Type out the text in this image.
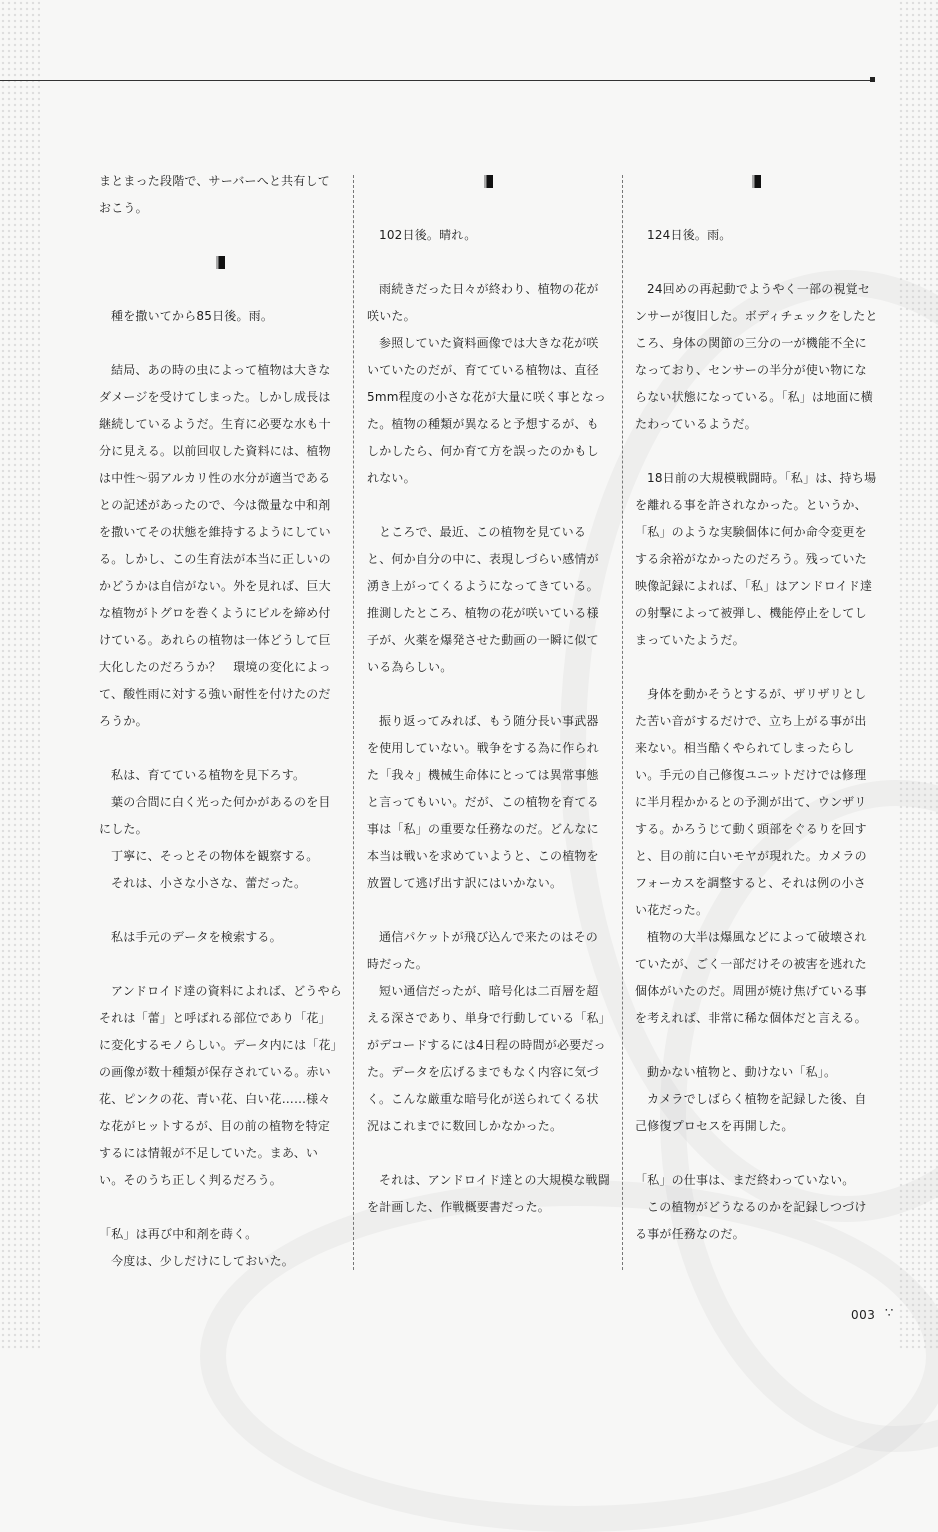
まとまった段階で、サーバーへと共有しておこう。

種を撒いてから85日後。雨。

結局、あの時の虫によって植物は大きなダメージを受けてしまった。しかし成長は継続しているようだ。生育に必要な水も十分に見える。以前回収した資料には、植物は中性～弱アルカリ性の水分が適当であるとの記述があったので、今は微量な中和剤を撒いてその状態を維持するようにしている。しかし、この生育法が本当に正しいのかどうかは自信がない。外を見れば、巨大な植物がトグロを巻くようにビルを締め付けている。あれらの植物は一体どうして巨大化したのだろうか？　環境の変化によって、酸性雨に対する強い耐性を付けたのだろうか。

私は、育てている植物を見下ろす。

葉の合間に白く光った何かがあるのを目にした。

丁寧に、そっとその物体を観察する。

それは、小さな小さな、蕾だった。

私は手元のデータを検索する。

アンドロイド達の資料によれば、どうやらそれは「蕾」と呼ばれる部位であり「花」に変化するモノらしい。データ内には「花」の画像が数十種類が保存されている。赤い花、ピンクの花、青い花、白い花……様々な花がヒットするが、目の前の植物を特定するには情報が不足していた。まあ、いい。そのうち正しく判るだろう。

「私」は再び中和剤を蒔く。

今度は、少しだけにしておいた。

102日後。晴れ。

雨続きだった日々が終わり、植物の花が咲いた。

参照していた資料画像では大きな花が咲いていたのだが、育てている植物は、直径5mm程度の小さな花が大量に咲く事となった。植物の種類が異なると予想するが、もしかしたら、何か育て方を誤ったのかもしれない。

ところで、最近、この植物を見ていると、何か自分の中に、表現しづらい感情が湧き上がってくるようになってきている。推測したところ、植物の花が咲いている様子が、火薬を爆発させた動画の一瞬に似ている為らしい。

振り返ってみれば、もう随分長い事武器を使用していない。戦争をする為に作られた「我々」機械生命体にとっては異常事態と言ってもいい。だが、この植物を育てる事は「私」の重要な任務なのだ。どんなに本当は戦いを求めていようと、この植物を放置して逃げ出す訳にはいかない。

通信パケットが飛び込んで来たのはその時だった。

短い通信だったが、暗号化は二百層を超える深さであり、単身で行動している「私」がデコードするには4日程の時間が必要だった。データを広げるまでもなく内容に気づく。こんな厳重な暗号化が送られてくる状況はこれまでに数回しかなかった。

それは、アンドロイド達との大規模な戦闘を計画した、作戦概要書だった。

124日後。雨。

24回めの再起動でようやく一部の視覚センサーが復旧した。ボディチェックをしたところ、身体の関節の三分の一が機能不全になっており、センサーの半分が使い物にならない状態になっている。「私」は地面に横たわっているようだ。

18日前の大規模戦闘時。「私」は、持ち場を離れる事を許されなかった。というか、「私」のような実験個体に何か命令変更をする余裕がなかったのだろう。残っていた映像記録によれば、「私」はアンドロイド達の射撃によって被弾し、機能停止をしてしまっていたようだ。

身体を動かそうとするが、ザリザリとした苦い音がするだけで、立ち上がる事が出来ない。相当酷くやられてしまったらしい。手元の自己修復ユニットだけでは修理に半月程かかるとの予測が出て、ウンザリする。かろうじて動く頭部をぐるりを回すと、目の前に白いモヤが現れた。カメラのフォーカスを調整すると、それは例の小さい花だった。

植物の大半は爆風などによって破壊されていたが、ごく一部だけその被害を逃れた個体がいたのだ。周囲が焼け焦げている事を考えれば、非常に稀な個体だと言える。

動かない植物と、動けない「私」。

カメラでしばらく植物を記録した後、自己修復プロセスを再開した。

「私」の仕事は、まだ終わっていない。

この植物がどうなるのかを記録しつづける事が任務なのだ。

003 ∵
